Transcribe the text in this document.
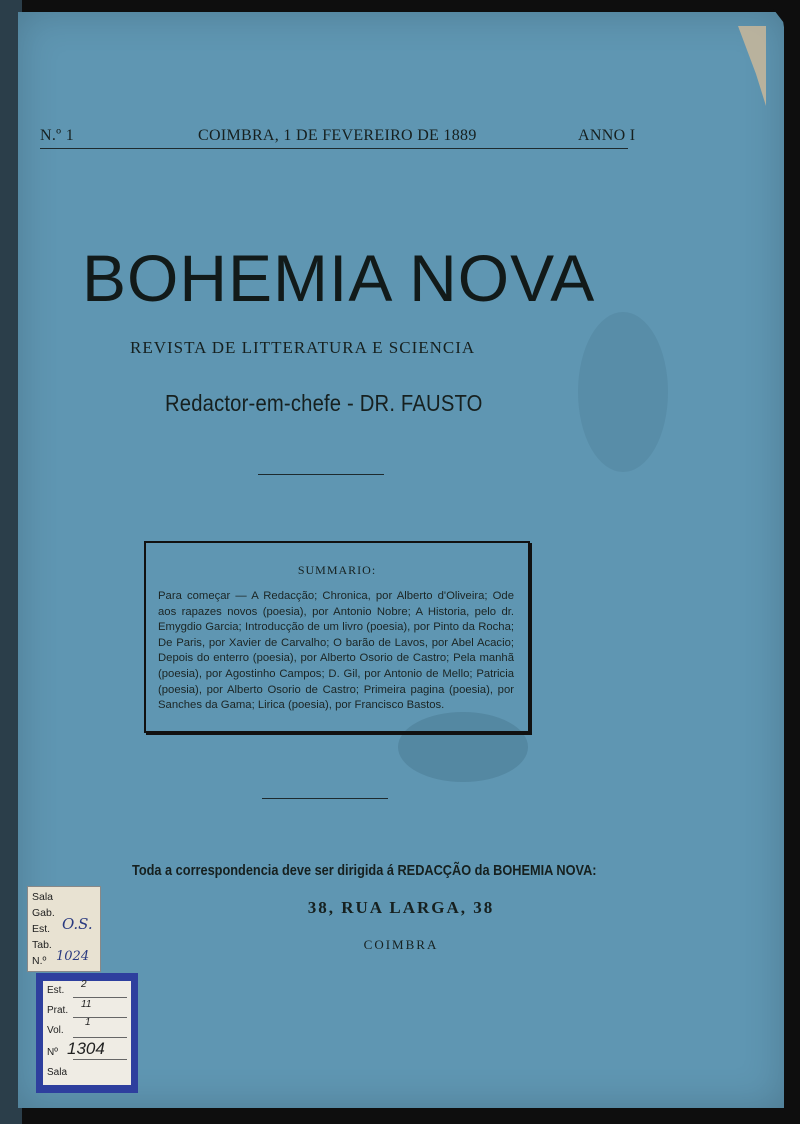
N.º 1	COIMBRA, 1 DE FEVEREIRO DE 1889	ANNO I
BOHEMIA NOVA
REVISTA DE LITTERATURA E SCIENCIA
Redactor-em-chefe - DR. FAUSTO
SUMMARIO:
Para começar — A Redacção; Chronica, por Alberto d'Oliveira; Ode aos rapazes novos (poesia), por Antonio Nobre; A Historia, pelo dr. Emygdio Garcia; Introducção de um livro (poesia), por Pinto da Rocha; De Paris, por Xavier de Carvalho; O barão de Lavos, por Abel Acacio; Depois do enterro (poesia), por Alberto Osorio de Castro; Pela manhã (poesia), por Agostinho Campos; D. Gil, por Antonio de Mello; Patricia (poesia), por Alberto Osorio de Castro; Primeira pagina (poesia), por Sanches da Gama; Lirica (poesia), por Francisco Bastos.
Toda a correspondencia deve ser dirigida á REDACÇÃO da BOHEMIA NOVA:
38, RUA LARGA, 38
COIMBRA
Sala
Gab.
Est. O.S.
Tab.
N.º 1024
Est.
2
Prat.
11
Vol.
1
Nº 1304
Sala
